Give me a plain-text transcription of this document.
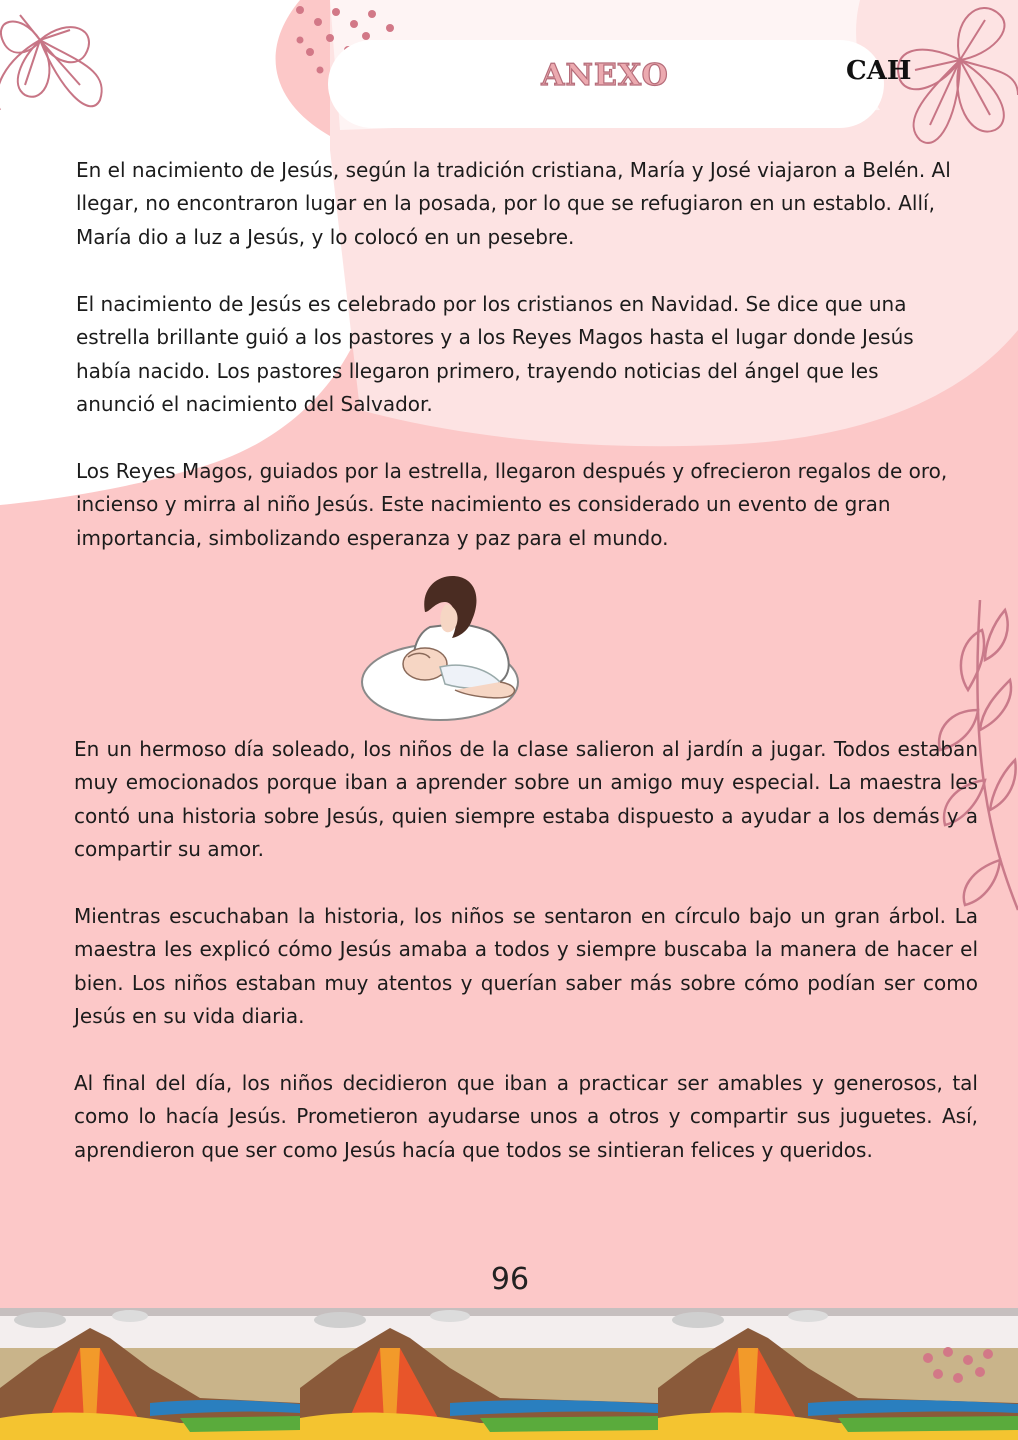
ANEXO	CAH

En el nacimiento de Jesús, según la tradición cristiana, María y José viajaron a Belén. Al llegar, no encontraron lugar en la posada, por lo que se refugiaron en un establo. Allí, María dio a luz a Jesús, y lo colocó en un pesebre.

El nacimiento de Jesús es celebrado por los cristianos en Navidad. Se dice que una estrella brillante guió a los pastores y a los Reyes Magos hasta el lugar donde Jesús había nacido. Los pastores llegaron primero, trayendo noticias del ángel que les anunció el nacimiento del Salvador.

Los Reyes Magos, guiados por la estrella, llegaron después y ofrecieron regalos de oro, incienso y mirra al niño Jesús. Este nacimiento es considerado un evento de gran importancia, simbolizando esperanza y paz para el mundo.

En un hermoso día soleado, los niños de la clase salieron al jardín a jugar. Todos estaban muy emocionados porque iban a aprender sobre un amigo muy especial. La maestra les contó una historia sobre Jesús, quien siempre estaba dispuesto a ayudar a los demás y a compartir su amor.

Mientras escuchaban la historia, los niños se sentaron en círculo bajo un gran árbol. La maestra les explicó cómo Jesús amaba a todos y siempre buscaba la manera de hacer el bien. Los niños estaban muy atentos y querían saber más sobre cómo podían ser como Jesús en su vida diaria.

Al final del día, los niños decidieron que iban a practicar ser amables y generosos, tal como lo hacía Jesús. Prometieron ayudarse unos a otros y compartir sus juguetes. Así, aprendieron que ser como Jesús hacía que todos se sintieran felices y queridos.

96
